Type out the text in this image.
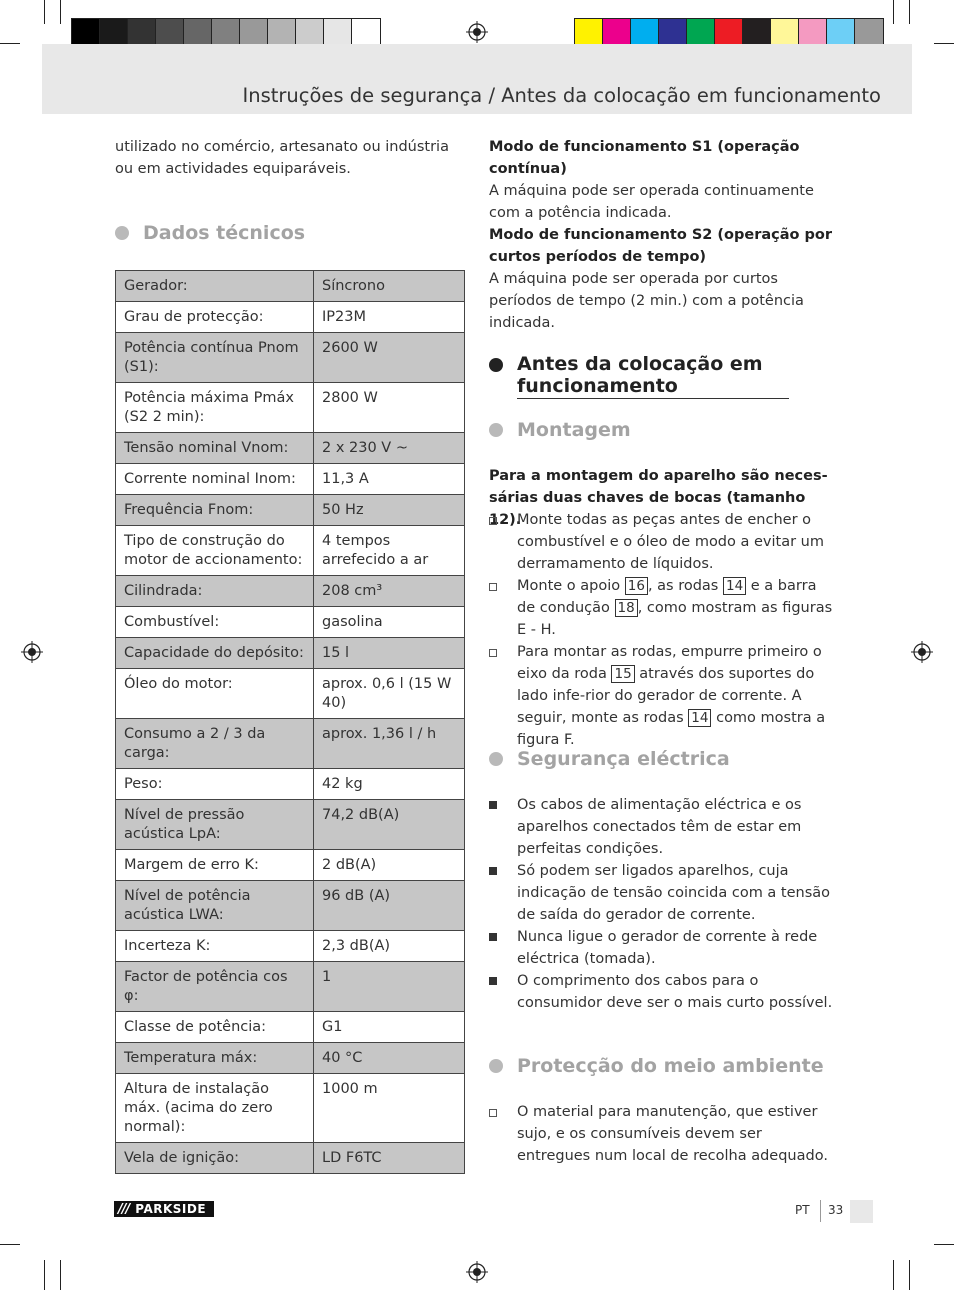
Instruções de segurança / Antes da colocação em funcionamento

utilizado no comércio, artesanato ou indústria ou em actividades equiparáveis.

Dados técnicos
Gerador:	Síncrono
Grau de protecção:	IP23M
Potência contínua Pnom (S1):	2600 W
Potência máxima Pmáx (S2 2 min):	2800 W
Tensão nominal Vnom:	2 x 230 V ~
Corrente nominal Inom:	11,3 A
Frequência Fnom:	50 Hz
Tipo de construção do motor de accionamento:	4 tempos arrefecido a ar
Cilindrada:	208 cm³
Combustível:	gasolina
Capacidade do depósito:	15 l
Óleo do motor:	aprox. 0,6 l (15 W 40)
Consumo a 2 / 3 da carga:	aprox. 1,36 l / h
Peso:	42 kg
Nível de pressão acústica LpA:	74,2 dB(A)
Margem de erro K:	2 dB(A)
Nível de potência acústica LWA:	96 dB (A)
Incerteza K:	2,3 dB(A)
Factor de potência cos φ:	1
Classe de potência:	G1
Temperatura máx:	40 °C
Altura de instalação máx. (acima do zero normal):	1000 m
Vela de ignição:	LD F6TC

Modo de funcionamento S1 (operação contínua)

A máquina pode ser operada continuamente com a potência indicada.

Modo de funcionamento S2 (operação por curtos períodos de tempo)

A máquina pode ser operada por curtos períodos de tempo (2 min.) com a potência indicada.

Antes da colocação em funcionamento
Montagem

Para a montagem do aparelho são neces-sárias duas chaves de bocas (tamanho 12).

Monte todas as peças antes de encher o combustível e o óleo de modo a evitar um derramamento de líquidos.
Monte o apoio 16 , as rodas 14 e a barra de condução 18 , como mostram as figuras E - H.
Para montar as rodas, empurre primeiro o eixo da roda 15 através dos suportes do lado infe-rior do gerador de corrente. A seguir, monte as rodas 14 como mostra a figura F.
Segurança eléctrica
Os cabos de alimentação eléctrica e os aparelhos conectados têm de estar em perfeitas condições.
Só podem ser ligados aparelhos, cuja indicação de tensão coincida com a tensão de saída do gerador de corrente.
Nunca ligue o gerador de corrente à rede eléctrica (tomada).
O comprimento dos cabos para o consumidor deve ser o mais curto possível.
Protecção do meio ambiente
O material para manutenção, que estiver sujo, e os consumíveis devem ser entregues num local de recolha adequado.
/// PARKSIDE	PT 33
